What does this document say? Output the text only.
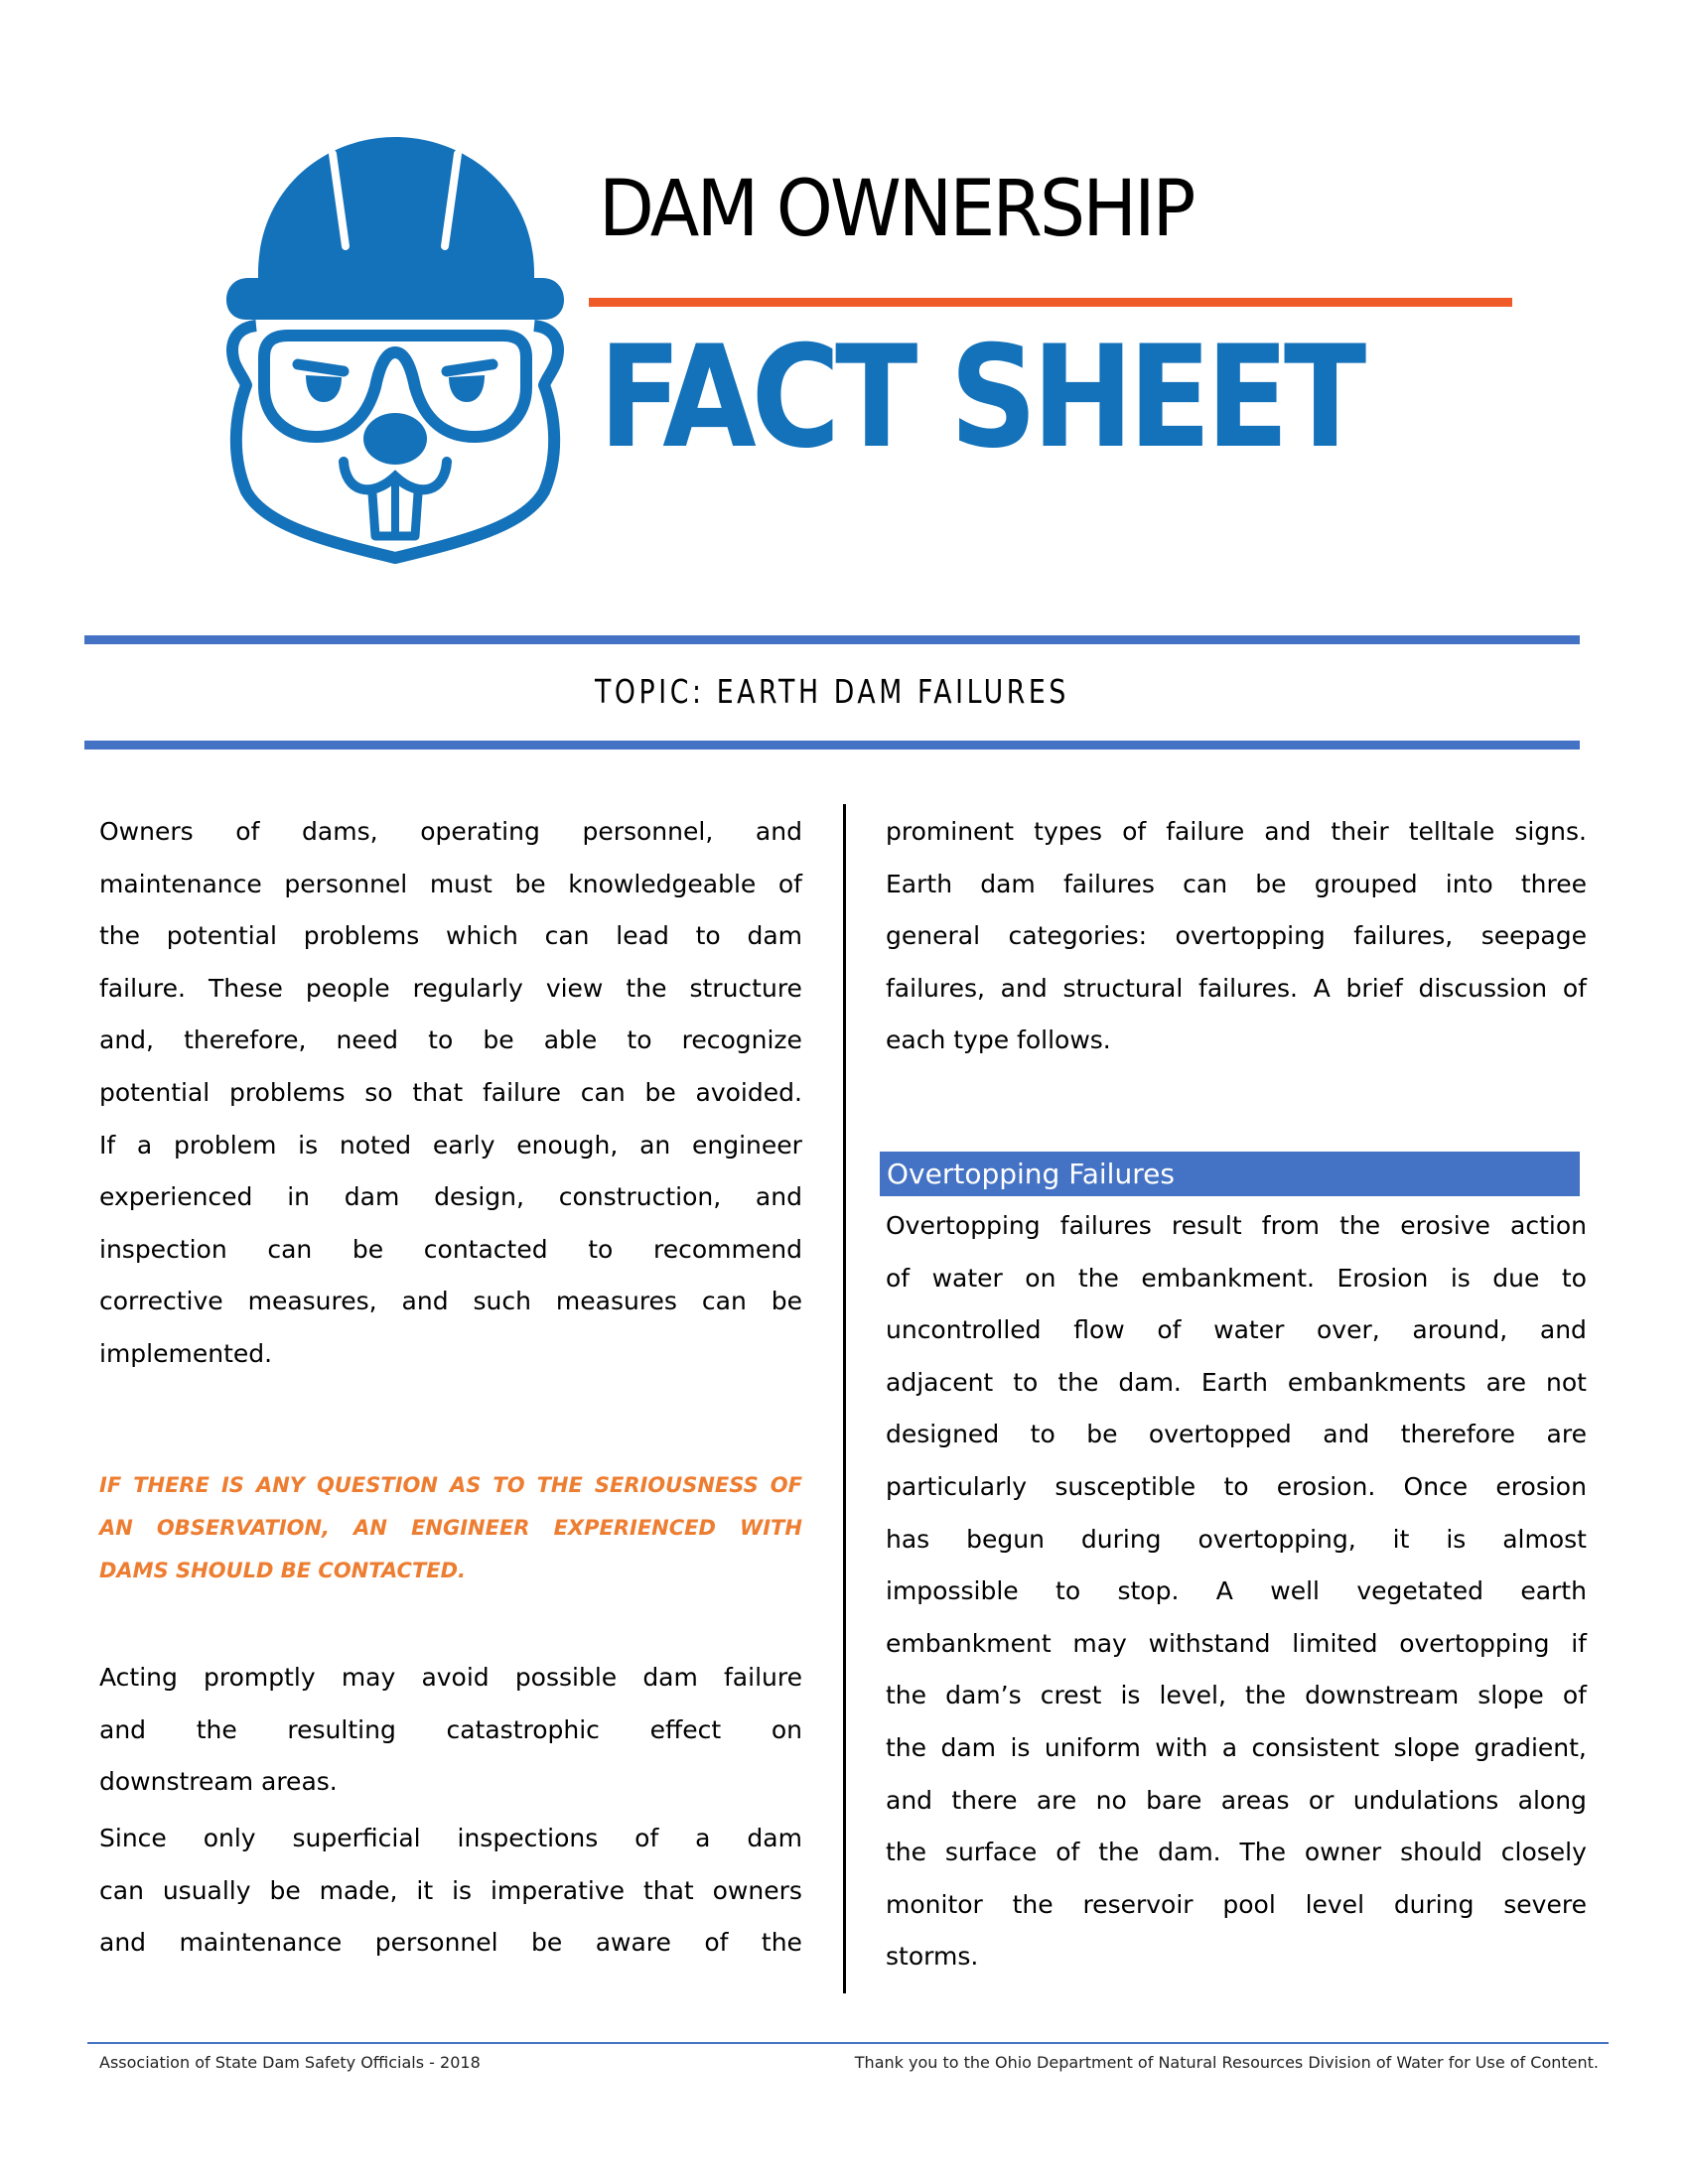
DAM OWNERSHIP
FACT SHEET
TOPIC: EARTH DAM FAILURES
Owners of dams, operating personnel, and
maintenance personnel must be knowledgeable of
the potential problems which can lead to dam
failure. These people regularly view the structure
and, therefore, need to be able to recognize
potential problems so that failure can be avoided.
If a problem is noted early enough, an engineer
experienced in dam design, construction, and
inspection can be contacted to recommend
corrective measures, and such measures can be
implemented.
IF THERE IS ANY QUESTION AS TO THE SERIOUSNESS OF
AN OBSERVATION, AN ENGINEER EXPERIENCED WITH
DAMS SHOULD BE CONTACTED.
Acting promptly may avoid possible dam failure
and the resulting catastrophic effect on
downstream areas.
Since only superficial inspections of a dam
can usually be made, it is imperative that owners
and maintenance personnel be aware of the
prominent types of failure and their telltale signs.
Earth dam failures can be grouped into three
general categories: overtopping failures, seepage
failures, and structural failures. A brief discussion of
each type follows.
Overtopping Failures
Overtopping failures result from the erosive action
of water on the embankment. Erosion is due to
uncontrolled flow of water over, around, and
adjacent to the dam. Earth embankments are not
designed to be overtopped and therefore are
particularly susceptible to erosion. Once erosion
has begun during overtopping, it is almost
impossible to stop. A well vegetated earth
embankment may withstand limited overtopping if
the dam’s crest is level, the downstream slope of
the dam is uniform with a consistent slope gradient,
and there are no bare areas or undulations along
the surface of the dam. The owner should closely
monitor the reservoir pool level during severe
storms.
Association of State Dam Safety Officials - 2018	Thank you to the Ohio Department of Natural Resources Division of Water for Use of Content.
